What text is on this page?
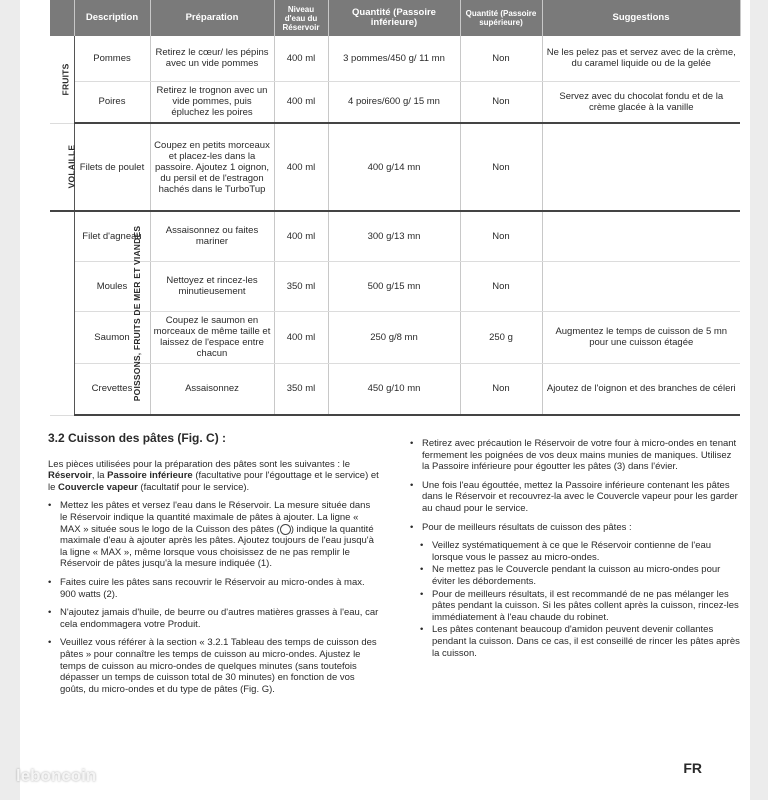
	Description	Préparation	Niveau d'eau du Réservoir	Quantité (Passoire inférieure)	Quantité (Passoire supérieure)	Suggestions
FRUITS	Pommes	Retirez le cœur/ les pépins avec un vide pommes	400 ml	3 pommes/450 g/ 11 mn	Non	Ne les pelez pas et servez avec de la crème, du caramel liquide ou de la gelée
	Poires	Retirez le trognon avec un vide pommes, puis épluchez les poires	400 ml	4 poires/600 g/ 15 mn	Non	Servez avec du chocolat fondu et de la crème glacée à la vanille
VOLAILLE	Filets de poulet	Coupez en petits morceaux et placez-les dans la passoire. Ajoutez 1 oignon, du persil et de l'estragon hachés dans le TurboTup	400 ml	400 g/14 mn	Non	
POISSONS, FRUITS DE MER ET VIANDES	Filet d'agneau	Assaisonnez ou faites mariner	400 ml	300 g/13 mn	Non	
	Moules	Nettoyez et rincez-les minutieusement	350 ml	500 g/15 mn	Non	
	Saumon	Coupez le saumon en morceaux de même taille et laissez de l'espace entre chacun	400 ml	250 g/8 mn	250 g	Augmentez le temps de cuisson de 5 mn pour une cuisson étagée
	Crevettes	Assaisonnez	350 ml	450 g/10 mn	Non	Ajoutez de l'oignon et des branches de céleri
3.2 Cuisson des pâtes (Fig. C) :
Les pièces utilisées pour la préparation des pâtes sont les suivantes : le Réservoir, la Passoire inférieure (facultative pour l'égouttage et le service) et le Couvercle vapeur (facultatif pour le service).
• Mettez les pâtes et versez l'eau dans le Réservoir. La mesure située dans le Réservoir indique la quantité maximale de pâtes à ajouter. La ligne « MAX » située sous le logo de la Cuisson des pâtes ( ) indique la quantité maximale d'eau à ajouter après les pâtes. Ajoutez toujours de l'eau jusqu'à la ligne « MAX », même lorsque vous choisissez de ne pas remplir le Réservoir de pâtes jusqu'à la mesure indiquée (1).
• Faites cuire les pâtes sans recouvrir le Réservoir au micro-ondes à max. 900 watts (2).
• N'ajoutez jamais d'huile, de beurre ou d'autres matières grasses à l'eau, car cela endommagera votre Produit.
• Veuillez vous référer à la section « 3.2.1 Tableau des temps de cuisson des pâtes » pour connaître les temps de cuisson au micro-ondes. Ajustez le temps de cuisson au micro-ondes de quelques minutes (sans toutefois dépasser un temps de cuisson total de 30 minutes) en fonction de vos goûts, du micro-ondes et du type de pâtes (Fig. G).
• Retirez avec précaution le Réservoir de votre four à micro-ondes en tenant fermement les poignées de vos deux mains munies de maniques. Utilisez la Passoire inférieure pour égoutter les pâtes (3) dans l'évier.
• Une fois l'eau égouttée, mettez la Passoire inférieure contenant les pâtes dans le Réservoir et recouvrez-la avec le Couvercle vapeur pour les garder au chaud pour le service.
• Pour de meilleurs résultats de cuisson des pâtes :
• Veillez systématiquement à ce que le Réservoir contienne de l'eau lorsque vous le passez au micro-ondes.
• Ne mettez pas le Couvercle pendant la cuisson au micro-ondes pour éviter les débordements.
• Pour de meilleurs résultats, il est recommandé de ne pas mélanger les pâtes pendant la cuisson. Si les pâtes collent après la cuisson, rincez-les immédiatement à l'eau chaude du robinet.
• Les pâtes contenant beaucoup d'amidon peuvent devenir collantes pendant la cuisson. Dans ce cas, il est conseillé de rincer les pâtes après la cuisson.
FR
leboncoin
